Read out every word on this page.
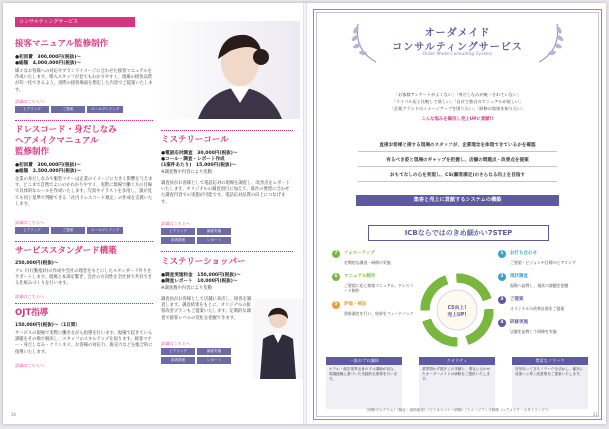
コンサルティングサービス
接客マニュアル監修制作
●初回費　300,000円(税抜)〜
●総額　4,000,000円(税抜)〜
様々なお客様への対応やブランドイメージに合わせた接客マニュアルを作成いたします。導入スタッフが見てもわかりやすく、現場の接客品質が均一化できるよう、実際の接客場面を想定した内容でご提案いたします。
詳細はこちらへ
ヒアリング	ご提案	ロールプレイング
ドレスコード・身だしなみ
ヘアメイクマニュアル
監修制作
●初回費　300,000円(税抜)〜
●総額　2,500,000円(税抜)〜
企業の身だしなみや服装マナーは企業のイメージに大きく影響を与えます。どこまで自然でよいのかわかりやすく、実際に現場で働く方の目線で具体的なルールを作成いたします。写真やイラストを多用し、誰が見ても同じ基準で判断できる「社内ドレスコード規定」の作成を支援いたします。
詳細はこちらへ
ヒアリング	ご提案	ロールプレイング
サービススタンダード構築
250,000円(税抜)〜
クレド(行動指針)の作成や会社の理念をもとにしたスタンダード作りをサポートします。現場と本部を繋ぎ、会社の方向性を全社員で共有できる仕組みづくりを行います。
詳細はこちらへ
OJT指導
150,000円(税抜)〜（1日間）
サービスの現場で実際に働きながら指導を行います。現場で起きている課題をその場で解決し、スタッフのスキルアップを図ります。接客マナー・身だしなみ・クリンネス、お客様の対応力、販売力などを総合的に指導いたします。
詳細はこちらへ
ミステリーコール
●電話応対調査　30,000円(税抜)〜
●コール・調査・レポート作成
(1案件あたり)　15,000円(税抜)〜
※調査数や内容により変動
調査員がお客様として電話応対の現場を調査し、改善点をレポートいたします。オリジナルの調査項目に加えて、貴社の要望に合わせた調査内容での実施が可能です。電話応対品質の向上につなげます。
詳細はこちらへ
ヒアリング	調査実施
改善提案	レポート
ミステリーショッパー
●調査実施料金　150,000円(税抜)〜
●調査レポート　10,000円(税抜)〜
※調査数や内容により変動
調査員がお客様として店舗に来店し、接客を調査します。調査結果をもとに、オリジナルの接客改善プランもご提案いたします。定期的な調査で接客レベルの変化を把握できます。
詳細はこちらへ
ヒアリング	調査実施
改善提案	レポート
30
オーダメイド
コンサルティングサービス
Order Made Consulting System
「お客様アンケートがよくない」「身だしなみが統一されていない」
「ライバル店と比較して欲しい」「自社で独自のマニュアルが欲しい」
「企業ブランドのイメージアップを図りたい」「研修の効果を知りたい」
こんな悩みを解決し売上UPに貢献!!
直接お客様と接する現場のスタッフが、企業理念を体現できているかを確認
有るべき姿と現場のギャップを把握し、店舗の問題点・改善点を提案
おもてなしの心を実現し、CS(顧客満足)のさらなる向上を目指す
集客と売上に貢献するシステムの構築
ICBならではのきめ細かい7STEP
CS向上!
売上UP!
1	お打ち合わせ
ご要望・ビジョンや目標のヒアリング
2	現状調査
現場へ訪問し、現状の課題を把握
3	ご提案
オリジナルの改善計画をご提案
4	研修実施
店舗を訪問して研修を実施
7	フォローアップ
定期的な調査・研修の実施
6	マニュアル制作
ご要望に応じ接客マニュアル、ドレスコード制作
5	評価・検証
効果測定を行い、結果をフィードバック
一流のプロ講師
ホテル・航空業界出身のプロ講師が担当。現場経験に基づいた実践的な指導を行います。
クオリティ
業界問わず数多くの実績と、貴社に合わせたオーダーメイドの研修をご提供いたします。
豊富なノウハウ
長年培ってきたノウハウを活かし、確実に成果へと導く改善策をご提案いたします。
《研修プログラム》《検定・資格取得》《ビジネスマナー研修》《イメージアップ研修（ヘアメイク・スタイリング）》
31
